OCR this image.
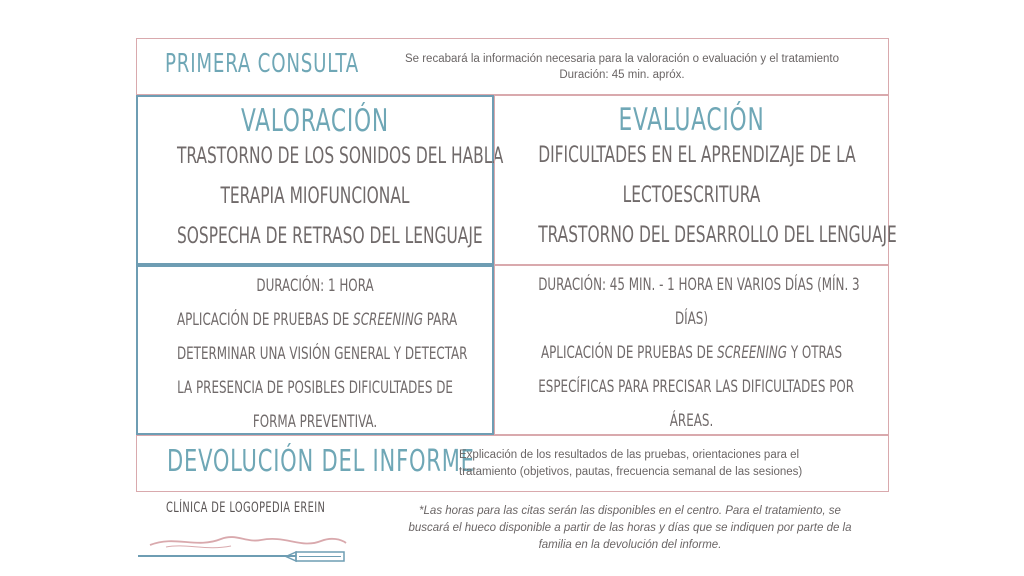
PRIMERA CONSULTA	Se recabará la información necesaria para la valoración o evaluación y el tratamiento
Duración: 45 min. apróx.
VALORACIÓN
TRASTORNO DE LOS SONIDOS DEL HABLA
TERAPIA MIOFUNCIONAL
SOSPECHA DE RETRASO DEL LENGUAJE
EVALUACIÓN
DIFICULTADES EN EL APRENDIZAJE DE LA
LECTOESCRITURA
TRASTORNO DEL DESARROLLO DEL LENGUAJE
DURACIÓN: 1 HORA
APLICACIÓN DE PRUEBAS DE SCREENING PARA
DETERMINAR UNA VISIÓN GENERAL Y DETECTAR
LA PRESENCIA DE POSIBLES DIFICULTADES DE
FORMA PREVENTIVA.
DURACIÓN: 45 MIN. - 1 HORA EN VARIOS DÍAS (MÍN. 3
DÍAS)
APLICACIÓN DE PRUEBAS DE SCREENING Y OTRAS
ESPECÍFICAS PARA PRECISAR LAS DIFICULTADES POR
ÁREAS.
DEVOLUCIÓN DEL INFORME
Explicación de los resultados de las pruebas, orientaciones para el
tratamiento (objetivos, pautas, frecuencia semanal de las sesiones)
CLÍNICA DE LOGOPEDIA EREIN	*Las horas para las citas serán las disponibles en el centro. Para el tratamiento, se
buscará el hueco disponible a partir de las horas y días que se indiquen por parte de la
familia en la devolución del informe.
